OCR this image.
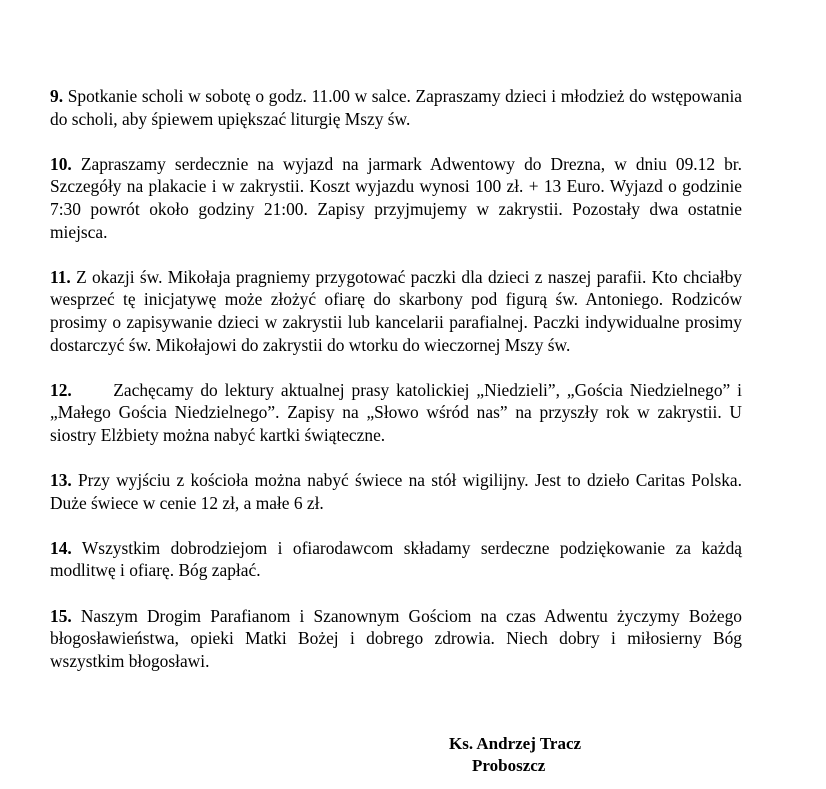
9. Spotkanie scholi w sobotę o godz. 11.00 w salce. Zapraszamy dzieci i młodzież do wstępowania do scholi, aby śpiewem upiększać liturgię Mszy św.

10. Zapraszamy serdecznie na wyjazd na jarmark Adwentowy do Drezna, w dniu 09.12 br. Szczegóły na plakacie i w zakrystii. Koszt wyjazdu wynosi 100 zł. + 13 Euro. Wyjazd o godzinie 7:30 powrót około godziny 21:00. Zapisy przyjmujemy w zakrystii. Pozostały dwa ostatnie miejsca.

11. Z okazji św. Mikołaja pragniemy przygotować paczki dla dzieci z naszej parafii. Kto chciałby wesprzeć tę inicjatywę może złożyć ofiarę do skarbony pod figurą św. Antoniego. Rodziców prosimy o zapisywanie dzieci w zakrystii lub kancelarii parafialnej. Paczki indywidualne prosimy dostarczyć św. Mikołajowi do zakrystii do wtorku do wieczornej Mszy św.

12. Zachęcamy do lektury aktualnej prasy katolickiej „Niedzieli”, „Gościa Niedzielnego” i „Małego Gościa Niedzielnego”. Zapisy na „Słowo wśród nas” na przyszły rok w zakrystii. U siostry Elżbiety można nabyć kartki świąteczne.

13. Przy wyjściu z kościoła można nabyć świece na stół wigilijny. Jest to dzieło Caritas Polska. Duże świece w cenie 12 zł, a małe 6 zł.

14. Wszystkim dobrodziejom i ofiarodawcom składamy serdeczne podziękowanie za każdą modlitwę i ofiarę. Bóg zapłać.

15. Naszym Drogim Parafianom i Szanownym Gościom na czas Adwentu życzymy Bożego błogosławieństwa, opieki Matki Bożej i dobrego zdrowia. Niech dobry i miłosierny Bóg wszystkim błogosławi.

Ks. Andrzej Tracz
Proboszcz
